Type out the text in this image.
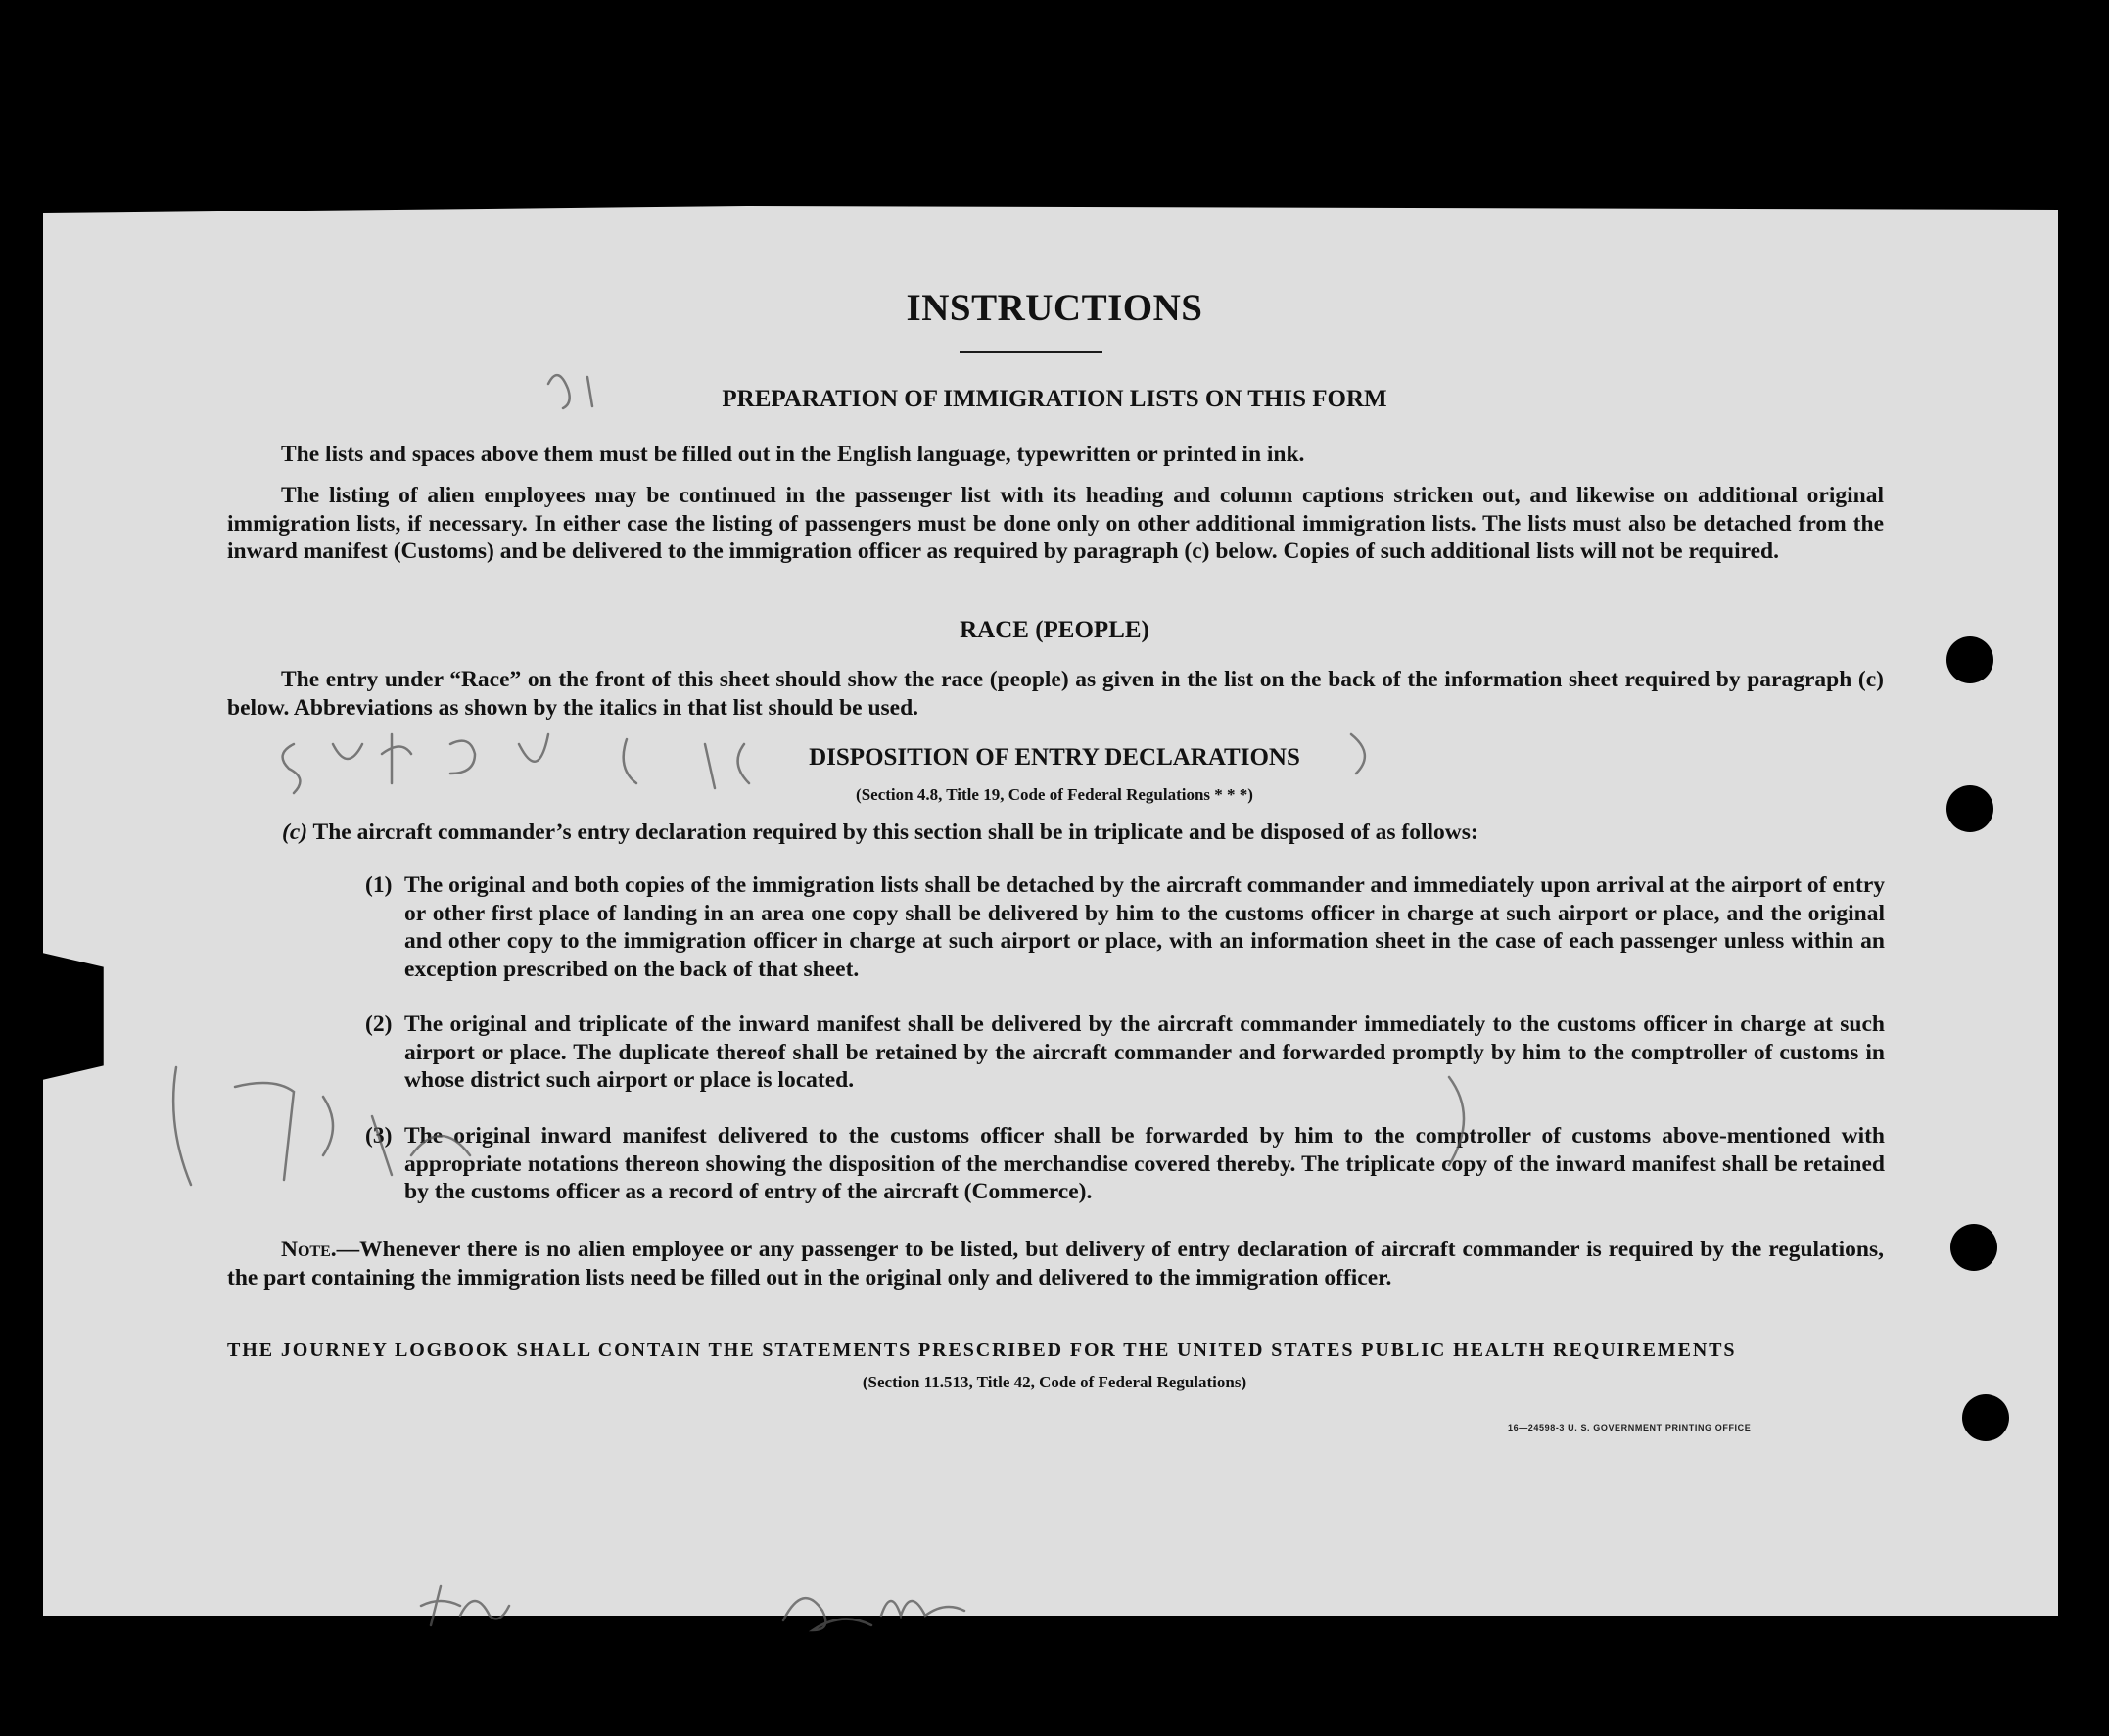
INSTRUCTIONS
PREPARATION OF IMMIGRATION LISTS ON THIS FORM
The lists and spaces above them must be filled out in the English language, typewritten or printed in ink.
The listing of alien employees may be continued in the passenger list with its heading and column captions stricken out, and likewise on additional original immigration lists, if necessary. In either case the listing of passengers must be done only on other additional immigration lists. The lists must also be detached from the inward manifest (Customs) and be delivered to the immigration officer as required by paragraph (c) below. Copies of such additional lists will not be required.
RACE (PEOPLE)
The entry under “Race” on the front of this sheet should show the race (people) as given in the list on the back of the information sheet required by paragraph (c) below. Abbreviations as shown by the italics in that list should be used.
DISPOSITION OF ENTRY DECLARATIONS
(Section 4.8, Title 19, Code of Federal Regulations * * *)
(c) The aircraft commander’s entry declaration required by this section shall be in triplicate and be disposed of as follows:
(1) The original and both copies of the immigration lists shall be detached by the aircraft commander and immediately upon arrival at the airport of entry or other first place of landing in an area one copy shall be delivered by him to the customs officer in charge at such airport or place, and the original and other copy to the immigration officer in charge at such airport or place, with an information sheet in the case of each passenger unless within an exception prescribed on the back of that sheet.
(2) The original and triplicate of the inward manifest shall be delivered by the aircraft commander immediately to the customs officer in charge at such airport or place. The duplicate thereof shall be retained by the aircraft commander and forwarded promptly by him to the comptroller of customs in whose district such airport or place is located.
(3) The original inward manifest delivered to the customs officer shall be forwarded by him to the comptroller of customs above-mentioned with appropriate notations thereon showing the disposition of the merchandise covered thereby. The triplicate copy of the inward manifest shall be retained by the customs officer as a record of entry of the aircraft (Commerce).
Note.—Whenever there is no alien employee or any passenger to be listed, but delivery of entry declaration of aircraft commander is required by the regulations, the part containing the immigration lists need be filled out in the original only and delivered to the immigration officer.
THE JOURNEY LOGBOOK SHALL CONTAIN THE STATEMENTS PRESCRIBED FOR THE UNITED STATES PUBLIC HEALTH REQUIREMENTS
(Section 11.513, Title 42, Code of Federal Regulations)
16—24598-3 U. S. GOVERNMENT PRINTING OFFICE
